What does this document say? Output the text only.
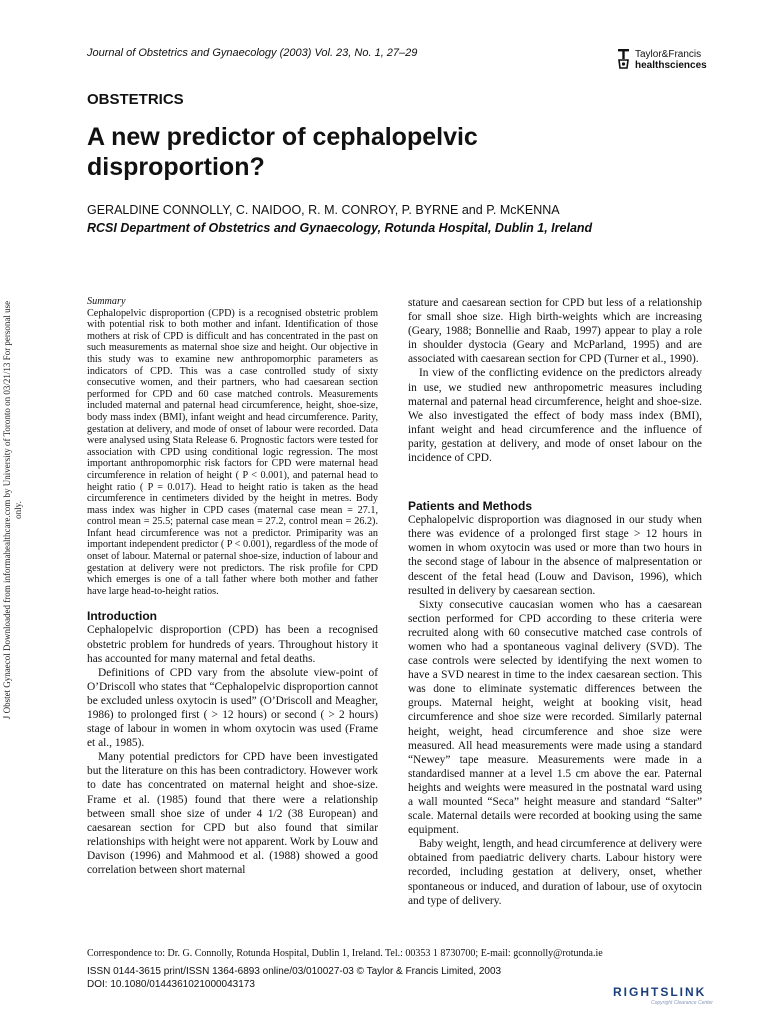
J Obstet Gynaecol Downloaded from informahealthcare.com by University of Toronto on 03/21/13 For personal use only.
Journal of Obstetrics and Gynaecology (2003) Vol. 23, No. 1, 27–29	Taylor&Francis
healthsciences
OBSTETRICS
A new predictor of cephalopelvic disproportion?
GERALDINE CONNOLLY, C. NAIDOO, R. M. CONROY, P. BYRNE and P. McKENNA
RCSI Department of Obstetrics and Gynaecology, Rotunda Hospital, Dublin 1, Ireland
Summary
Cephalopelvic disproportion (CPD) is a recognised obstetric problem with potential risk to both mother and infant. Identification of those mothers at risk of CPD is difficult and has concentrated in the past on such measurements as maternal shoe size and height. Our objective in this study was to examine new anthropomorphic parameters as indicators of CPD. This was a case controlled study of sixty consecutive women, and their partners, who had caesarean section performed for CPD and 60 case matched controls. Measurements included maternal and paternal head circumference, height, shoe-size, body mass index (BMI), infant weight and head circumference. Parity, gestation at delivery, and mode of onset of labour were recorded. Data were analysed using Stata Release 6. Prognostic factors were tested for association with CPD using conditional logic regression. The most important anthropomorphic risk factors for CPD were maternal head circumference in relation of height ( P < 0.001), and paternal head to height ratio ( P = 0.017). Head to height ratio is taken as the head circumference in centimeters divided by the height in metres. Body mass index was higher in CPD cases (maternal case mean = 27.1, control mean = 25.5; paternal case mean = 27.2, control mean = 26.2). Infant head circumference was not a predictor. Primiparity was an important independent predictor ( P < 0.001), regardless of the mode of onset of labour. Maternal or paternal shoe-size, induction of labour and gestation at delivery were not predictors. The risk profile for CPD which emerges is one of a tall father where both mother and father have large head-to-height ratios.
Introduction

Cephalopelvic disproportion (CPD) has been a recognised obstetric problem for hundreds of years. Throughout history it has accounted for many maternal and fetal deaths.

Definitions of CPD vary from the absolute view-point of O’Driscoll who states that “Cephalopelvic disproportion cannot be excluded unless oxytocin is used” (O’Driscoll and Meagher, 1986) to prolonged first ( > 12 hours) or second ( > 2 hours) stage of labour in women in whom oxytocin was used (Frame et al., 1985).

Many potential predictors for CPD have been investigated but the literature on this has been contradictory. However work to date has concentrated on maternal height and shoe-size. Frame et al. (1985) found that there were a relationship between small shoe size of under 4 1/2 (38 European) and caesarean section for CPD but also found that similar relationships with height were not apparent. Work by Louw and Davison (1996) and Mahmood et al. (1988) showed a good correlation between short maternal

stature and caesarean section for CPD but less of a relationship for small shoe size. High birth-weights which are increasing (Geary, 1988; Bonnellie and Raab, 1997) appear to play a role in shoulder dystocia (Geary and McParland, 1995) and are associated with caesarean section for CPD (Turner et al., 1990).

In view of the conflicting evidence on the predictors already in use, we studied new anthropometric measures including maternal and paternal head circumference, height and shoe-size. We also investigated the effect of body mass index (BMI), infant weight and head circumference and the influence of parity, gestation at delivery, and mode of onset labour on the incidence of CPD.

Patients and Methods

Cephalopelvic disproportion was diagnosed in our study when there was evidence of a prolonged first stage > 12 hours in women in whom oxytocin was used or more than two hours in the second stage of labour in the absence of malpresentation or descent of the fetal head (Louw and Davison, 1996), which resulted in delivery by caesarean section.

Sixty consecutive caucasian women who has a caesarean section performed for CPD according to these criteria were recruited along with 60 consecutive matched case controls of women who had a spontaneous vaginal delivery (SVD). The case controls were selected by identifying the next women to have a SVD nearest in time to the index caesarean section. This was done to eliminate systematic differences between the groups. Maternal height, weight at booking visit, head circumference and shoe size were recorded. Similarly paternal height, weight, head circumference and shoe size were measured. All head measurements were made using a standard “Newey” tape measure. Measurements were made in a standardised manner at a level 1.5 cm above the ear. Paternal heights and weights were measured in the postnatal ward using a wall mounted “Seca” height measure and standard “Salter” scale. Maternal details were recorded at booking using the same equipment.

Baby weight, length, and head circumference at delivery were obtained from paediatric delivery charts. Labour history were recorded, including gestation at delivery, onset, whether spontaneous or induced, and duration of labour, use of oxytocin and type of delivery.

Correspondence to: Dr. G. Connolly, Rotunda Hospital, Dublin 1, Ireland. Tel.: 00353 1 8730700; E-mail: gconnolly@rotunda.ie
ISSN 0144-3615 print/ISSN 1364-6893 online/03/010027-03 © Taylor & Francis Limited, 2003
DOI: 10.1080/0144361021000043173
RIGHTSLINK
Copyright Clearance Center
